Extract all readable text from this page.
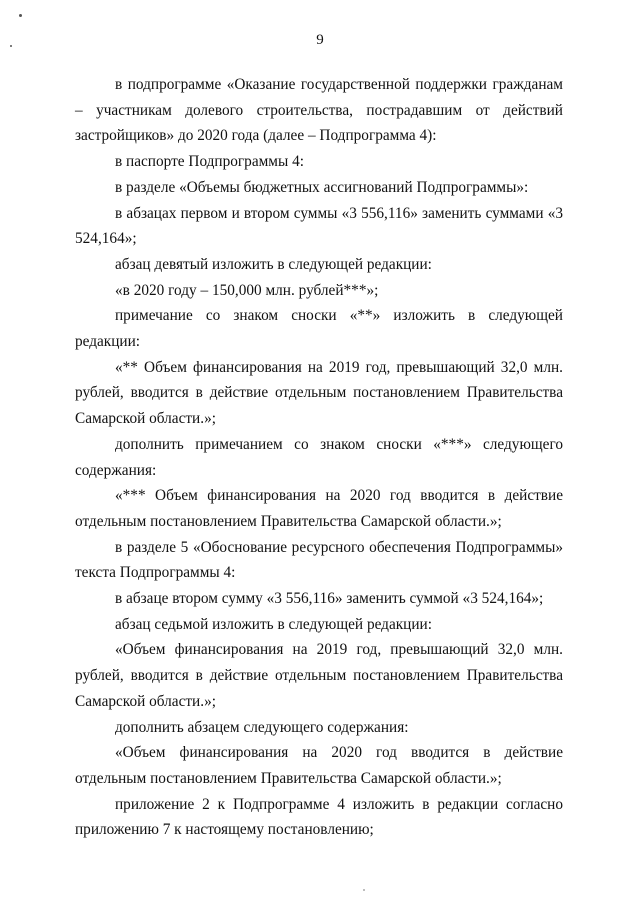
9

в подпрограмме «Оказание государственной поддержки гражданам – участникам долевого строительства, пострадавшим от действий застройщиков» до 2020 года (далее – Подпрограмма 4):

в паспорте Подпрограммы 4:

в разделе «Объемы бюджетных ассигнований Подпрограммы»:

в абзацах первом и втором суммы «3 556,116» заменить суммами «3 524,164»;

абзац девятый изложить в следующей редакции:

«в 2020 году – 150,000 млн. рублей***»;

примечание со знаком сноски «**» изложить в следующей редакции:

«** Объем финансирования на 2019 год, превышающий 32,0 млн. рублей, вводится в действие отдельным постановлением Правительства Самарской области.»;

дополнить примечанием со знаком сноски «***» следующего содержания:

«*** Объем финансирования на 2020 год вводится в действие отдельным постановлением Правительства Самарской области.»;

в разделе 5 «Обоснование ресурсного обеспечения Подпрограммы» текста Подпрограммы 4:

в абзаце втором сумму «3 556,116» заменить суммой «3 524,164»;

абзац седьмой изложить в следующей редакции:

«Объем финансирования на 2019 год, превышающий 32,0 млн. рублей, вводится в действие отдельным постановлением Правительства Самарской области.»;

дополнить абзацем следующего содержания:

«Объем финансирования на 2020 год вводится в действие отдельным постановлением Правительства Самарской области.»;

приложение 2 к Подпрограмме 4 изложить в редакции согласно приложению 7 к настоящему постановлению;
